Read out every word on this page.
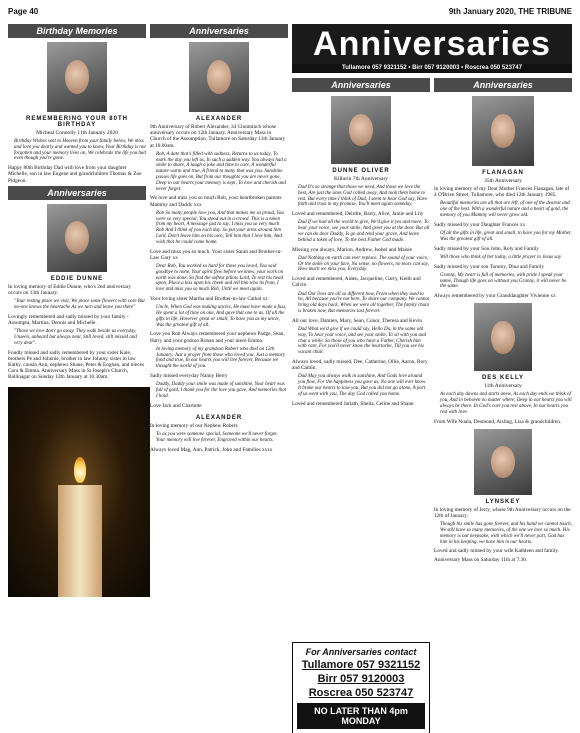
Page 40	9th January 2020, THE TRIBUNE
Birthday Memories
REMEMBERING YOUR 80TH BIRTHDAY
Micheal Connolly 11th January 2020
Birthday Wishes sent to Heaven from your family below, We miss and love you dearly and wanted you to know, Your Birthday is not forgotten and your memory lives on, We celebrate the life you had even though you're gone.
Happy 80th Birthday Dad with love from your daughter Michelle, son in law Eugene and grandchildren Thomas & Zoe Pidgeon.
Anniversaries
EDDIE DUNNE
In loving memory of Eddie Dunne, who's 2nd anniversary occurs on 13th January.
"Your resting place we visit, We place some flowers with care But no-one knows the heartache As we turn and leave you there"
Lovingly remembered and sadly missed by your family - Assumpta, Martina, Dennis and Michelle.
"Those we love don't go away, They walk beside us everyday, Unseen, unheard but always near, Still loved, still missed and very dear".
Fondly missed and sadly remembered by your sister Kate, brothers Pe and Johnnie, brother in law Johnny, sister in law Kathy, cousin Ann, nephews Shane, Peter & Eoghan, and nieces Cora & Emma. Anniversary Mass in St Joseph's Church, Ballinagar on Sunday 12th January at 10.30am.
Anniversaries
ALEXANDER
9th Anniversary of Robert Alexander, 34 Clonminch whose anniversary occurs on 12th January. Anniversary Mass in Church of the Assumption, Tullamore on Saturday 11th January at 10.00am.
Rob, A date that's filled with sadness, Returns to us today, To mark the day you left us, In such a sudden way. You always had a smile to share, A laugh a joke and time to care, A wonderful nature warm and true, A friend to many that was you. Sunshine passes life goes on, But from our thoughts you are never gone, Deep in our hearts your memory is kept, To love and cherish and never forget.
We love and miss you so much Rob, your heartbroken parents Mammy and Daddy xxx
Rob So many people love you, And that makes me so proud, You were so very special, You stood out in a crowd. This is a token from my heart, A message just to say, I miss you so very much Rob And I think of you each day. So put your arms around him Lord, Don't leave him on his own, Tell him that I love him, And wish that he could come home.
Love and miss you so much, Your sister Sarah and Brother-in-Law Gary xx
Dear Rob, You worked so hard for those you loved, You said goodbye to none, Your spirit flew before we knew, your work on earth was done. So find the softest pillow Lord, To rest his head upon, Place a kiss upon his cheek and tell him who its from, I love and miss you so much Rob, Until we meet again.
Your loving sister Martha and Brother-in-law Cathal xx
Uncle, When God was making uncles, He must have made a fuss, He spent a lot of time on one, And gave that one to us. Of all the gifts in life, However great or small, To have you as my uncle, Was the greatest gift of all.
Love you Rob Always remembered your nephews Padge, Sean, Harry and your godson Ronan and your niece Emma.
In loving memory of my grandson Robert who died on 12th January. Just a prayer from those who loved you, Just a memory fond and true, In our hearts you will live forever, Because we thought the world of you.
Sadly missed everyday Nanny Berry
Daddy, Daddy your smile was made of sunshine, Your heart was full of gold, I thank you for the love you gave, And memories that I hold.
Love Jack and Charlotte
ALEXANDER
In loving memory of our Nephew Robert.
To as you were someone special, Someone we'll never forget. Your memory will live forever, Engraved within our hearts.
Always loved Mag, Ann, Patrick, John and Families xxxx
Anniversaries
Tullamore 057 9321152 • Birr 057 9120003 • Roscrea 050 523747
Anniversaries
DUNNE OLIVER
Killurin 7th Anniversary
Dad It's so strange that those we need, And those we love the best, Are just the ones God called away, And took them home to rest. But every time I think of Dad, I seem to hear God say, Have faith and trust in my promise, You'll meet again someday.
Loved and remembered, Deirdre, Barry, Alice, Jamie and Lily
Dad If we had all the world to give, We'd give it yes and more, To hear your voice, see your smile, And greet you at the door. But all we can do dear Daddy, Is go and tend your grave, And leave behind a token of love, To the best Father God made.
Missing you always, Marion, Andrew, Isobel and Maisie
Dad Nothing on earth can ever replace, The sound of your voice, Or the smile on your face, No sense, no flowers, no tears can say, How much we miss you, Everyday.
Loved and remembered, Aiden, Jacqueline, Garry, Keith and Calvin
Dad Our lives are all so different now, From when they used to be, All because you're not here, To share our company. We cannot bring old days back, When we were all together, The family chain is broken now, But memories last forever.
All our love, Damien, Mary, Sean, Conor, Theresa and Kevin
Dad What we'd give if we could say, Hello Da, in the same old way, To hear your voice, and see your smile, To sit with you and chat a while. So those of you who have a Father, Cherish him with care, For you'll never know the heartache, Till you see his vacant chair.
Always loved, sadly missed, Dee, Catherine, Ollie, Aaron, Rory and Caitlin.
Dad May you always walk in sunshine, And Gods love around you flow, For the happiness you gave us, No one will ever know. It broke our hearts to lose you, But you did not go alone, A part of us went with you, The day God called you home.
Loved and remembered Jarlath, Sheila, Celine and Shane.
For Anniversaries contact
Tullamore 057 9321152
Birr 057 9120003
Roscrea 050 523747
NO LATER THAN 4pm MONDAY
Anniversaries
FLANAGAN
35th Anniversary
In loving memory of my Dear Mother Frances Flanagan, late of 4 O'Brien Street, Tullamore, who died 12th January 1985.
Beautiful memories are all that are left, of one of the dearest and one of the best. With a wonderful nature and a heart of gold, the memory of you Mammy will never grow old.
Sadly missed by your Daughter Frances xx
Of all the gifts in life, great and small, to have you for my Mother, Was the greatest gift of all.
Sadly missed by your Son John, Roly and Family
Will those who think of her today, a little prayer to Jesus say.
Sadly missed by your son Tommy, Dina and Family
Granny, My heart is full of memories, with pride I speak your name, Though life goes on without you Granny, it will never be the same.
Always remembered by your Granddaughter Vivienne xx
DES KELLY
11th Anniversary
As each day dawns and starts anew, As each day ends we think of you, And in between no matter where, Deep in our hearts you will always be there. In God's care you rest above, In our hearts you rest with love.
From Wife Nuala, Desmond, Aisling, Lisa & grandchildren.
LYNSKEY
In loving memory of Jerry, whose 9th Anniversary occurs on the 12th of January.
Though his smile has gone forever, and his hand we cannot touch, We still have so many memories, of the one we love so much. His memory is our keepsake, with which we'll never part, God has him in his keeping, we have him in our hearts.
Loved and sadly missed by your wife Kathleen and family.
Anniversary Mass on Saturday 11th at 7.30.
